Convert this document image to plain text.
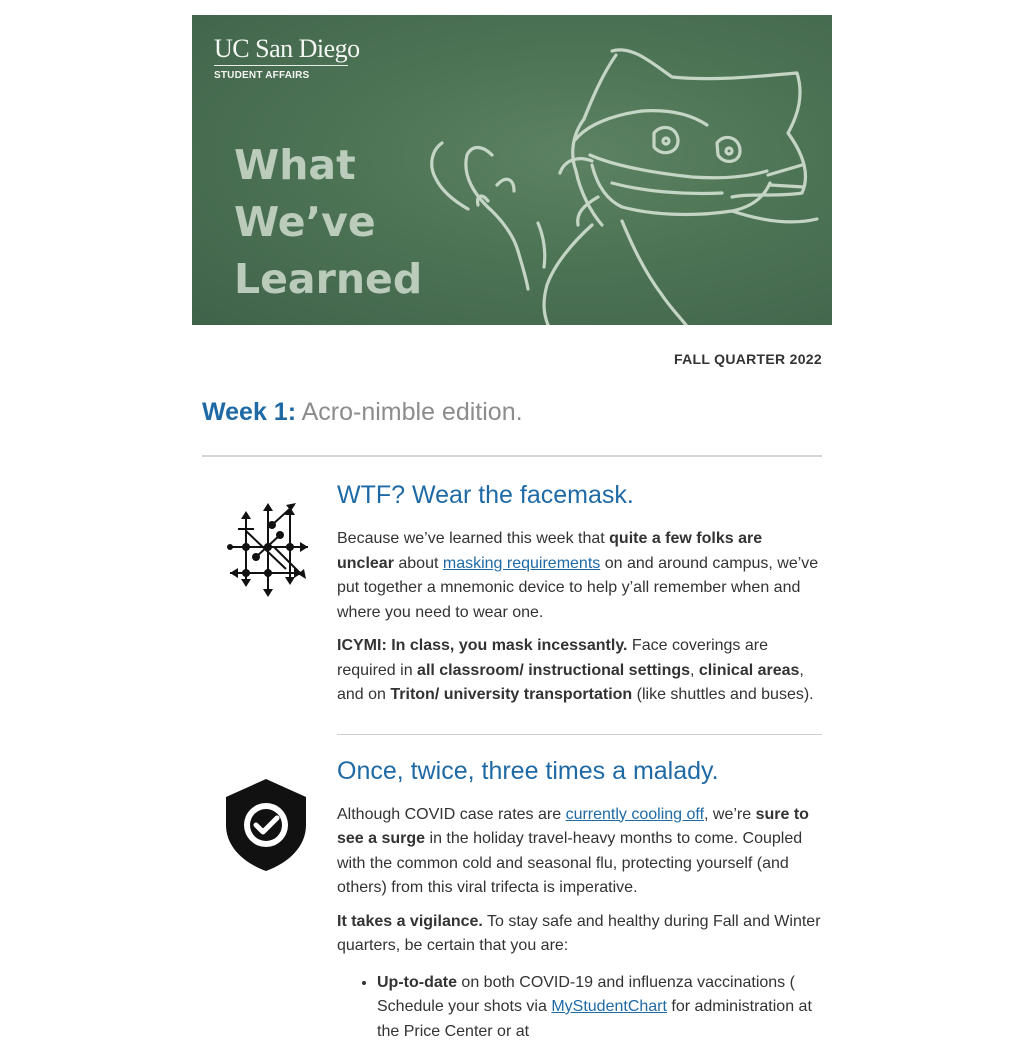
UC San Diego
STUDENT AFFAIRS
What
We’ve
Learned
FALL QUARTER 2022
Week 1: Acro-nimble edition.
WTF? Wear the facemask.

Because we’ve learned this week that quite a few folks are unclear about masking requirements on and around campus, we’ve put together a mnemonic device to help y’all remember when and where you need to wear one.

ICYMI: In class, you mask incessantly. Face coverings are required in all classroom/ instructional settings, clinical areas, and on Triton/ university transportation (like shuttles and buses).

Once, twice, three times a malady.

Although COVID case rates are currently cooling off, we’re sure to see a surge in the holiday travel-heavy months to come. Coupled with the common cold and seasonal flu, protecting yourself (and others) from this viral trifecta is imperative.

It takes a vigilance. To stay safe and healthy during Fall and Winter quarters, be certain that you are:

• Up-to-date on both COVID-19 and influenza vaccinations ( Schedule your shots via MyStudentChart for administration at the Price Center or at
